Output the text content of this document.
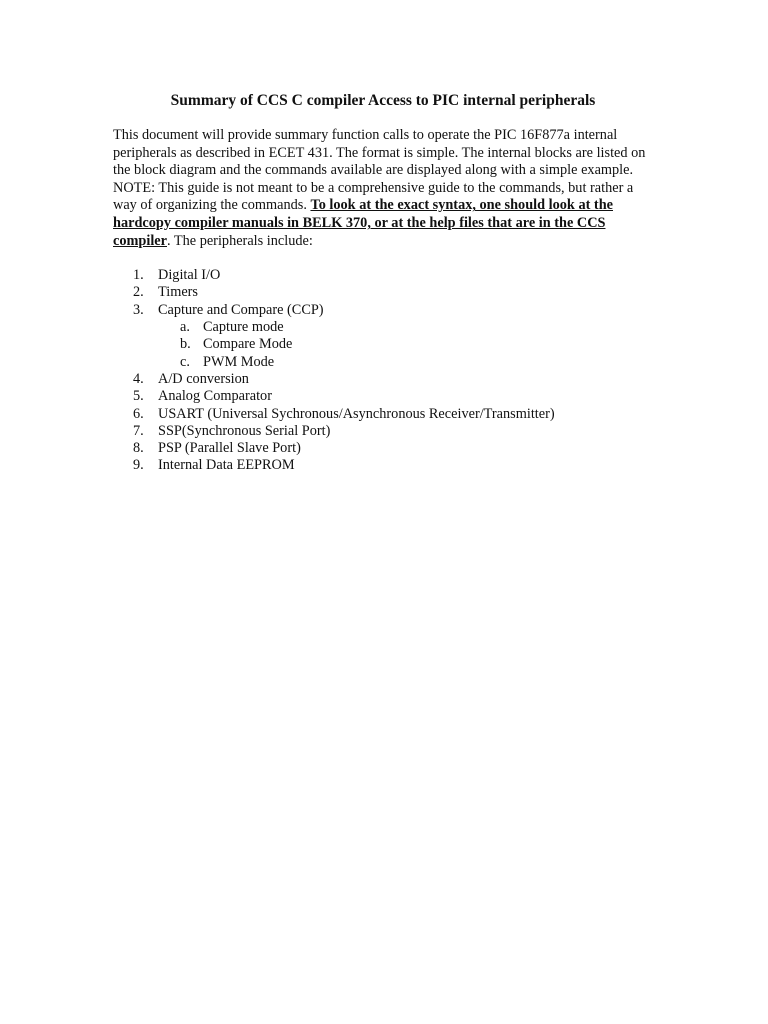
Summary of CCS C compiler Access to PIC internal peripherals

This document will provide summary function calls to operate the PIC 16F877a internal peripherals as described in ECET 431. The format is simple. The internal blocks are listed on the block diagram and the commands available are displayed along with a simple example. NOTE: This guide is not meant to be a comprehensive guide to the commands, but rather a way of organizing the commands. To look at the exact syntax, one should look at the hardcopy compiler manuals in BELK 370, or at the help files that are in the CCS compiler. The peripherals include:

1. Digital I/O
2. Timers
3. Capture and Compare (CCP)
a. Capture mode
b. Compare Mode
c. PWM Mode
4. A/D conversion
5. Analog Comparator
6. USART (Universal Sychronous/Asynchronous Receiver/Transmitter)
7. SSP(Synchronous Serial Port)
8. PSP (Parallel Slave Port)
9. Internal Data EEPROM
